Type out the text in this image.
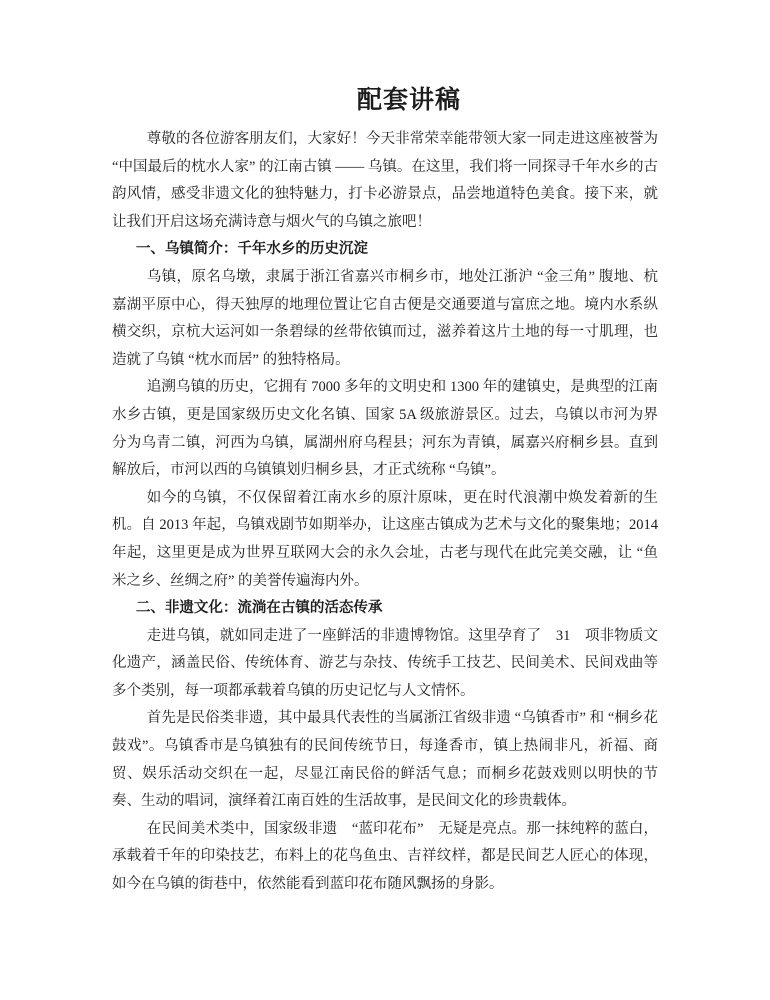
配套讲稿

尊敬的各位游客朋友们，大家好！今天非常荣幸能带领大家一同走进这座被誉为 “中国最后的枕水人家” 的江南古镇 —— 乌镇。在这里，我们将一同探寻千年水乡的古韵风情，感受非遗文化的独特魅力，打卡必游景点，品尝地道特色美食。接下来，就让我们开启这场充满诗意与烟火气的乌镇之旅吧！

一、乌镇简介：千年水乡的历史沉淀

乌镇，原名乌墩，隶属于浙江省嘉兴市桐乡市，地处江浙沪 “金三角” 腹地、杭嘉湖平原中心，得天独厚的地理位置让它自古便是交通要道与富庶之地。境内水系纵横交织，京杭大运河如一条碧绿的丝带依镇而过，滋养着这片土地的每一寸肌理，也造就了乌镇 “枕水而居” 的独特格局。

追溯乌镇的历史，它拥有 7000 多年的文明史和 1300 年的建镇史，是典型的江南水乡古镇，更是国家级历史文化名镇、国家 5A 级旅游景区。过去，乌镇以市河为界分为乌青二镇，河西为乌镇，属湖州府乌程县；河东为青镇，属嘉兴府桐乡县。直到解放后，市河以西的乌镇镇划归桐乡县，才正式统称 “乌镇”。

如今的乌镇，不仅保留着江南水乡的原汁原味，更在时代浪潮中焕发着新的生机。自 2013 年起，乌镇戏剧节如期举办，让这座古镇成为艺术与文化的聚集地；2014 年起，这里更是成为世界互联网大会的永久会址，古老与现代在此完美交融，让 “鱼米之乡、丝绸之府” 的美誉传遍海内外。

二、非遗文化：流淌在古镇的活态传承

走进乌镇，就如同走进了一座鲜活的非遗博物馆。这里孕育了　31　项非物质文化遗产，涵盖民俗、传统体育、游艺与杂技、传统手工技艺、民间美术、民间戏曲等多个类别，每一项都承载着乌镇的历史记忆与人文情怀。

首先是民俗类非遗，其中最具代表性的当属浙江省级非遗 “乌镇香市” 和 “桐乡花鼓戏”。乌镇香市是乌镇独有的民间传统节日，每逢香市，镇上热闹非凡，祈福、商贸、娱乐活动交织在一起，尽显江南民俗的鲜活气息；而桐乡花鼓戏则以明快的节奏、生动的唱词，演绎着江南百姓的生活故事，是民间文化的珍贵载体。

在民间美术类中，国家级非遗　“蓝印花布”　无疑是亮点。那一抹纯粹的蓝白，承载着千年的印染技艺，布料上的花鸟鱼虫、吉祥纹样，都是民间艺人匠心的体现，如今在乌镇的街巷中，依然能看到蓝印花布随风飘扬的身影。
